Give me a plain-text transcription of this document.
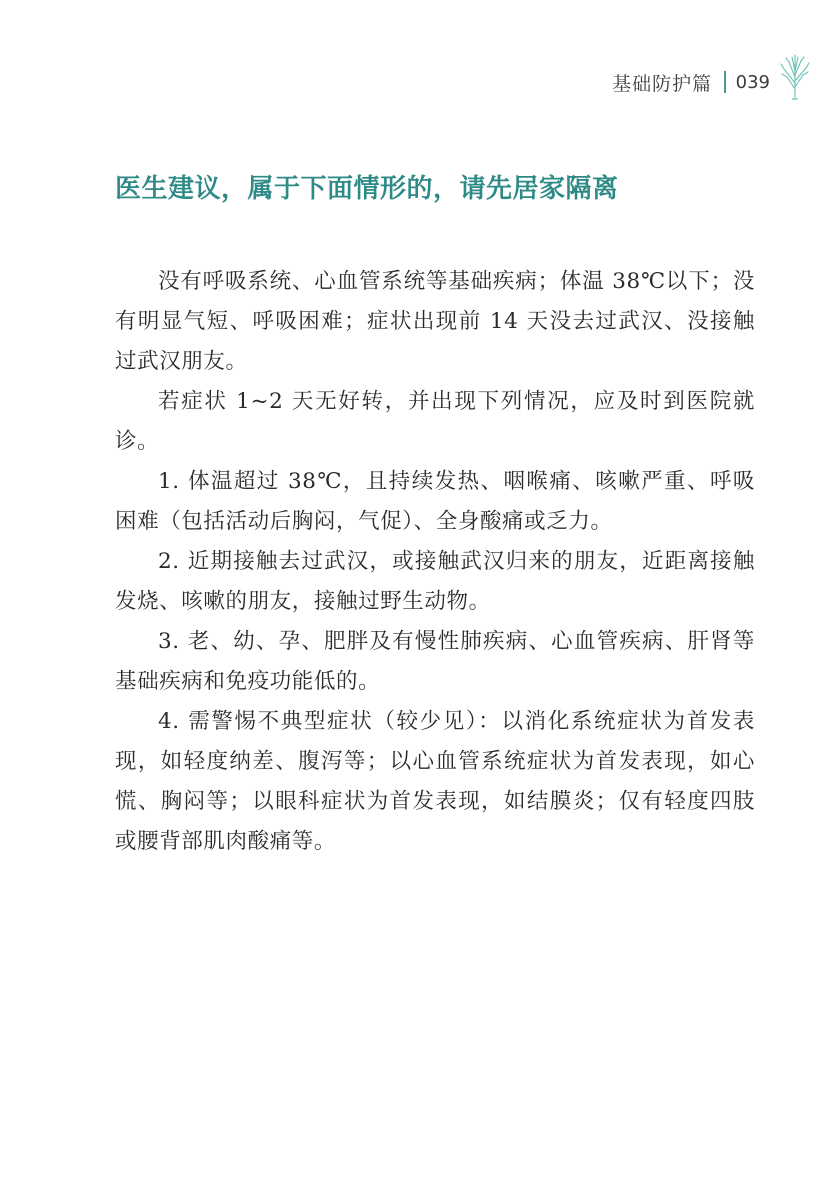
基础防护篇 039
医生建议，属于下面情形的，请先居家隔离

没有呼吸系统、心血管系统等基础疾病；体温 38℃以下；没有明显气短、呼吸困难；症状出现前 14 天没去过武汉、没接触过武汉朋友。

若症状 1~2 天无好转，并出现下列情况，应及时到医院就诊。

1. 体温超过 38℃，且持续发热、咽喉痛、咳嗽严重、呼吸困难（包括活动后胸闷，气促）、全身酸痛或乏力。

2. 近期接触去过武汉，或接触武汉归来的朋友，近距离接触发烧、咳嗽的朋友，接触过野生动物。

3. 老、幼、孕、肥胖及有慢性肺疾病、心血管疾病、肝肾等基础疾病和免疫功能低的。

4. 需警惕不典型症状（较少见）：以消化系统症状为首发表现，如轻度纳差、腹泻等；以心血管系统症状为首发表现，如心慌、胸闷等；以眼科症状为首发表现，如结膜炎；仅有轻度四肢或腰背部肌肉酸痛等。
